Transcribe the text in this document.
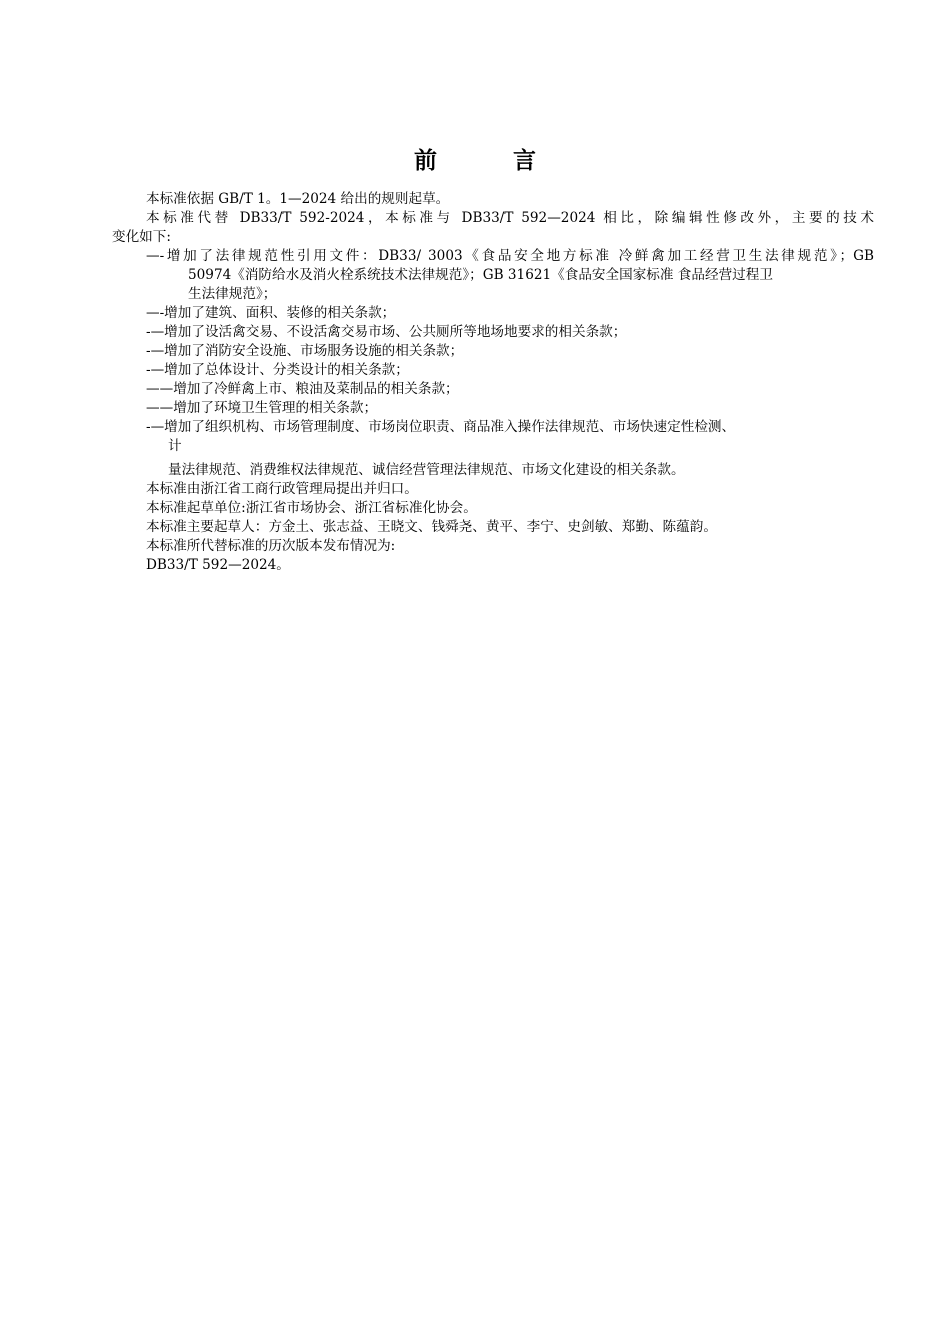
前 言
本标准依据 GB/T 1。1—2024 给出的规则起草。
本标准代替 DB33/T 592-2024，本标准与 DB33/T 592—2024 相比，除编辑性修改外，主要的技术
变化如下:
—-增加了法律规范性引用文件：DB33/ 3003《食品安全地方标准 冷鲜禽加工经营卫生法律规范》；GB
50974《消防给水及消火栓系统技术法律规范》；GB 31621《食品安全国家标准 食品经营过程卫
生法律规范》；
—-增加了建筑、面积、装修的相关条款；
-—增加了设活禽交易、不设活禽交易市场、公共厕所等地场地要求的相关条款；
-—增加了消防安全设施、市场服务设施的相关条款；
-—增加了总体设计、分类设计的相关条款；
——增加了冷鲜禽上市、粮油及菜制品的相关条款；
——增加了环境卫生管理的相关条款；
-—增加了组织机构、市场管理制度、市场岗位职责、商品准入操作法律规范、市场快速定性检测、
计
量法律规范、消费维权法律规范、诚信经营管理法律规范、市场文化建设的相关条款。
本标准由浙江省工商行政管理局提出并归口。
本标准起草单位:浙江省市场协会、浙江省标准化协会。
本标准主要起草人：方金土、张志益、王晓文、钱舜尧、黄平、李宁、史剑敏、郑勤、陈蕴韵。
本标准所代替标准的历次版本发布情况为:
DB33/T 592—2024。
